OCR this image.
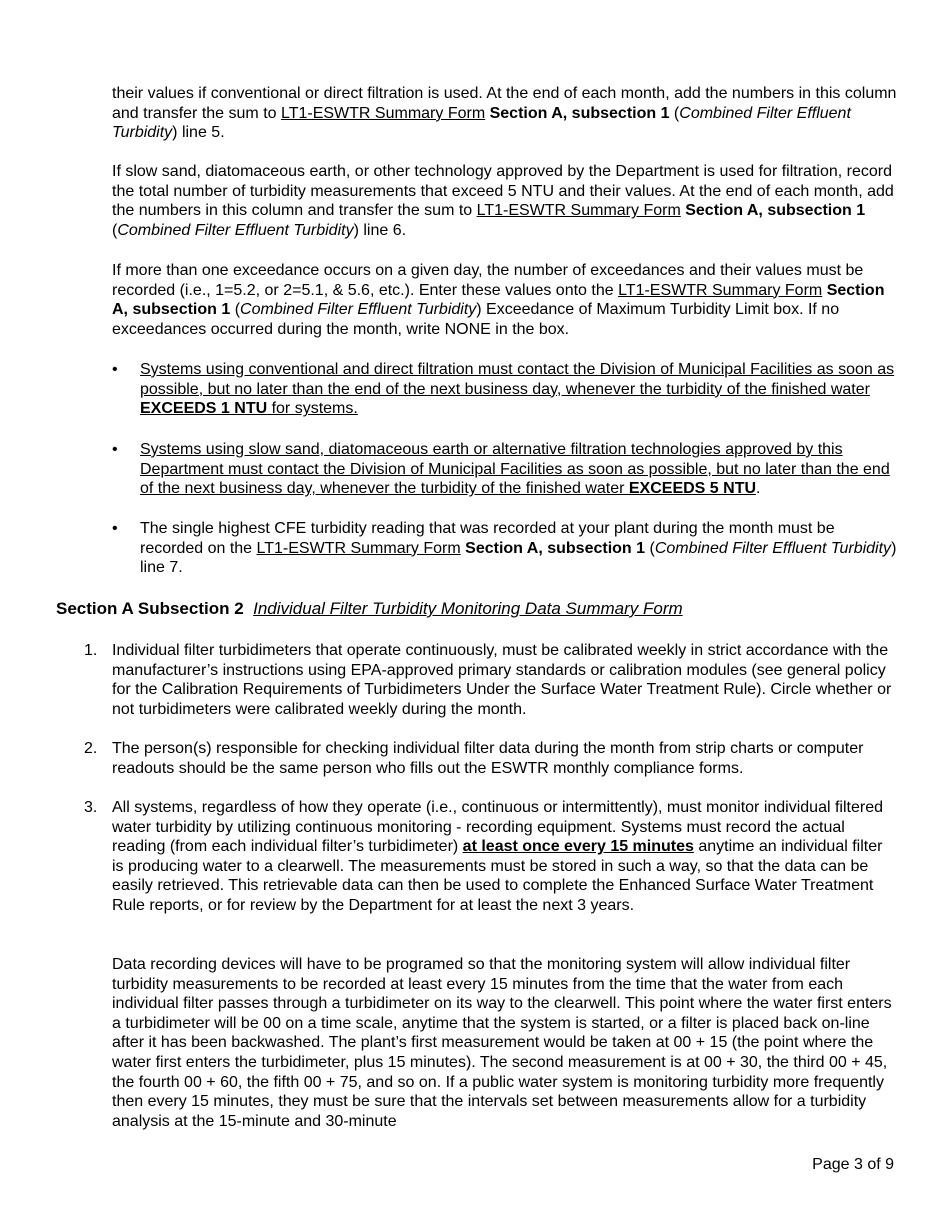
their values if conventional or direct filtration is used. At the end of each month, add the numbers in this column and transfer the sum to LT1-ESWTR Summary Form Section A, subsection 1 (Combined Filter Effluent Turbidity) line 5.

If slow sand, diatomaceous earth, or other technology approved by the Department is used for filtration, record the total number of turbidity measurements that exceed 5 NTU and their values. At the end of each month, add the numbers in this column and transfer the sum to LT1-ESWTR Summary Form Section A, subsection 1 (Combined Filter Effluent Turbidity) line 6.

If more than one exceedance occurs on a given day, the number of exceedances and their values must be recorded (i.e., 1=5.2, or 2=5.1, & 5.6, etc.). Enter these values onto the LT1-ESWTR Summary Form Section A, subsection 1 (Combined Filter Effluent Turbidity) Exceedance of Maximum Turbidity Limit box. If no exceedances occurred during the month, write NONE in the box.

•	Systems using conventional and direct filtration must contact the Division of Municipal Facilities as soon as possible, but no later than the end of the next business day, whenever the turbidity of the finished water EXCEEDS 1 NTU for systems.

•	Systems using slow sand, diatomaceous earth or alternative filtration technologies approved by this Department must contact the Division of Municipal Facilities as soon as possible, but no later than the end of the next business day, whenever the turbidity of the finished water EXCEEDS 5 NTU.

•	The single highest CFE turbidity reading that was recorded at your plant during the month must be recorded on the LT1-ESWTR Summary Form Section A, subsection 1 (Combined Filter Effluent Turbidity) line 7.

Section A Subsection 2 Individual Filter Turbidity Monitoring Data Summary Form
1. Individual filter turbidimeters that operate continuously, must be calibrated weekly in strict accordance with the manufacturer’s instructions using EPA-approved primary standards or calibration modules (see general policy for the Calibration Requirements of Turbidimeters Under the Surface Water Treatment Rule). Circle whether or not turbidimeters were calibrated weekly during the month.

2. The person(s) responsible for checking individual filter data during the month from strip charts or computer readouts should be the same person who fills out the ESWTR monthly compliance forms.

3. All systems, regardless of how they operate (i.e., continuous or intermittently), must monitor individual filtered water turbidity by utilizing continuous monitoring - recording equipment. Systems must record the actual reading (from each individual filter’s turbidimeter) at least once every 15 minutes anytime an individual filter is producing water to a clearwell. The measurements must be stored in such a way, so that the data can be easily retrieved. This retrievable data can then be used to complete the Enhanced Surface Water Treatment Rule reports, or for review by the Department for at least the next 3 years.

Data recording devices will have to be programed so that the monitoring system will allow individual filter turbidity measurements to be recorded at least every 15 minutes from the time that the water from each individual filter passes through a turbidimeter on its way to the clearwell. This point where the water first enters a turbidimeter will be 00 on a time scale, anytime that the system is started, or a filter is placed back on-line after it has been backwashed. The plant’s first measurement would be taken at 00 + 15 (the point where the water first enters the turbidimeter, plus 15 minutes). The second measurement is at 00 + 30, the third 00 + 45, the fourth 00 + 60, the fifth 00 + 75, and so on. If a public water system is monitoring turbidity more frequently then every 15 minutes, they must be sure that the intervals set between measurements allow for a turbidity analysis at the 15-minute and 30-minute

Page 3 of 9
